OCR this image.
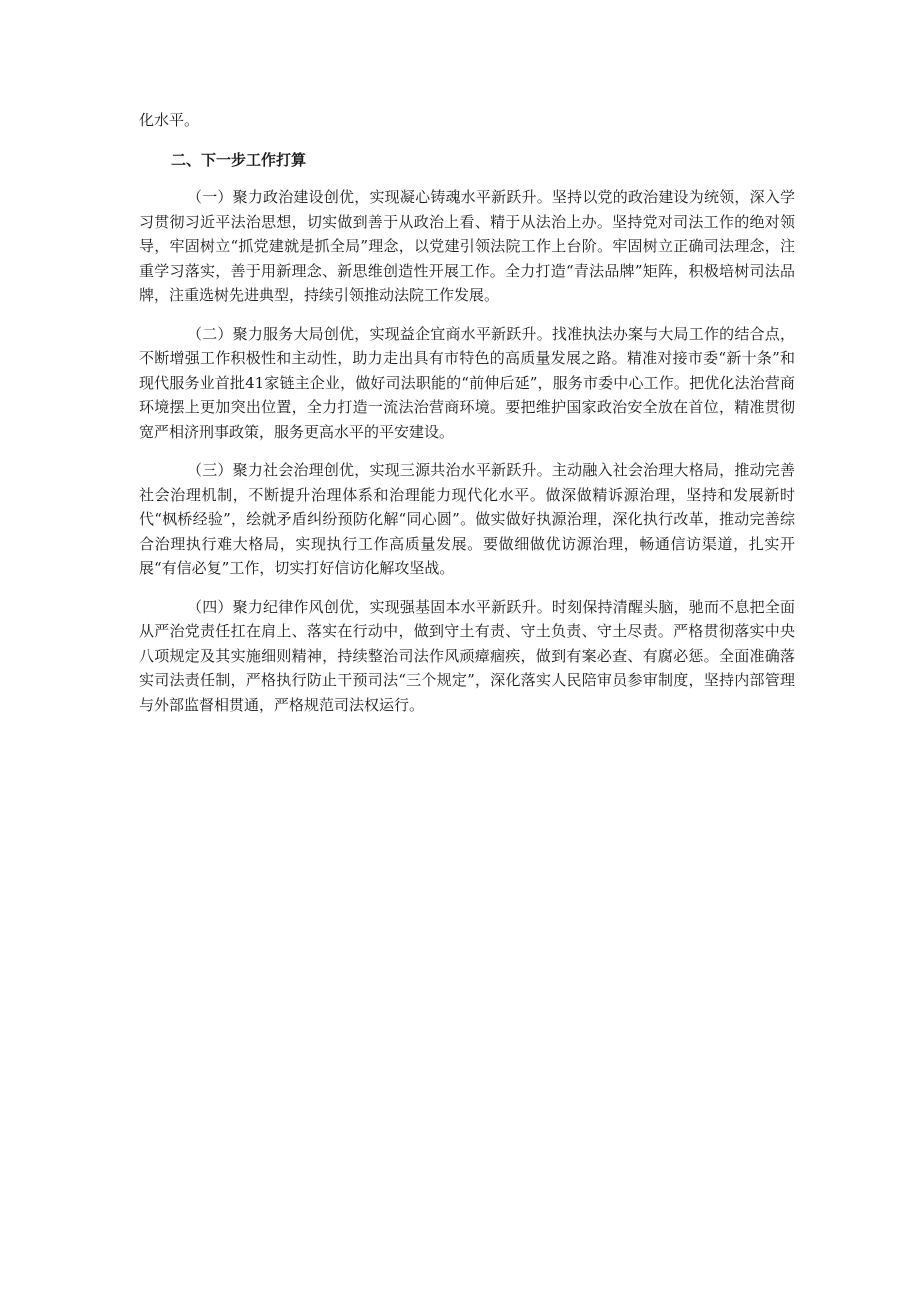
化水平。

二、下一步工作打算

（一）聚力政治建设创优，实现凝心铸魂水平新跃升。坚持以党的政治建设为统领，深入学习贯彻习近平法治思想，切实做到善于从政治上看、精于从法治上办。坚持党对司法工作的绝对领导，牢固树立“抓党建就是抓全局”理念，以党建引领法院工作上台阶。牢固树立正确司法理念，注重学习落实，善于用新理念、新思维创造性开展工作。全力打造“青法品牌”矩阵，积极培树司法品牌，注重选树先进典型，持续引领推动法院工作发展。

（二）聚力服务大局创优，实现益企宜商水平新跃升。找准执法办案与大局工作的结合点，不断增强工作积极性和主动性，助力走出具有市特色的高质量发展之路。精准对接市委“新十条”和现代服务业首批41家链主企业，做好司法职能的“前伸后延”，服务市委中心工作。把优化法治营商环境摆上更加突出位置，全力打造一流法治营商环境。要把维护国家政治安全放在首位，精准贯彻宽严相济刑事政策，服务更高水平的平安建设。

（三）聚力社会治理创优，实现三源共治水平新跃升。主动融入社会治理大格局，推动完善社会治理机制，不断提升治理体系和治理能力现代化水平。做深做精诉源治理，坚持和发展新时代“枫桥经验”，绘就矛盾纠纷预防化解“同心圆”。做实做好执源治理，深化执行改革，推动完善综合治理执行难大格局，实现执行工作高质量发展。要做细做优访源治理，畅通信访渠道，扎实开展“有信必复”工作，切实打好信访化解攻坚战。

（四）聚力纪律作风创优，实现强基固本水平新跃升。时刻保持清醒头脑，驰而不息把全面从严治党责任扛在肩上、落实在行动中，做到守土有责、守土负责、守土尽责。严格贯彻落实中央八项规定及其实施细则精神，持续整治司法作风顽瘴痼疾，做到有案必查、有腐必惩。全面准确落实司法责任制，严格执行防止干预司法“三个规定”，深化落实人民陪审员参审制度，坚持内部管理与外部监督相贯通，严格规范司法权运行。
